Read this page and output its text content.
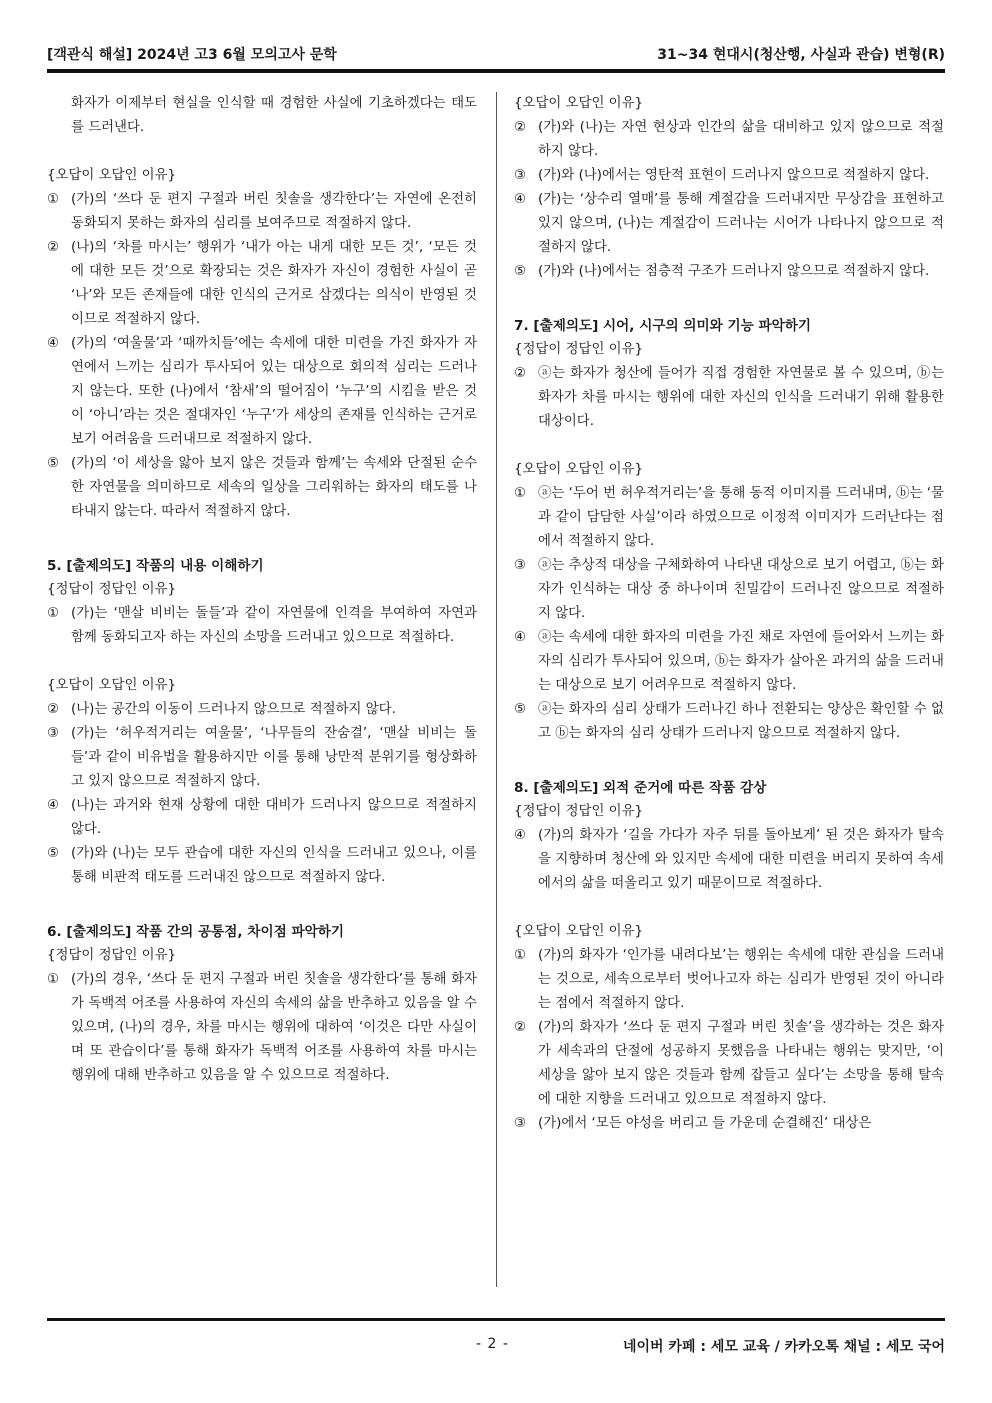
[객관식 해설] 2024년 고3 6월 모의고사 문학	31~34 현대시(청산행, 사실과 관습) 변형(R)
화자가 이제부터 현실을 인식할 때 경험한 사실에 기초하겠다는 태도를 드러낸다.
{오답이 오답인 이유}
① (가)의 ‘쓰다 둔 편지 구절과 버린 칫솔을 생각한다’는 자연에 온전히 동화되지 못하는 화자의 심리를 보여주므로 적절하지 않다.
② (나)의 ‘차를 마시는’ 행위가 ‘내가 아는 내게 대한 모든 것’, ‘모든 것에 대한 모든 것’으로 확장되는 것은 화자가 자신이 경험한 사실이 곧 ‘나’와 모든 존재들에 대한 인식의 근거로 삼겠다는 의식이 반영된 것이므로 적절하지 않다.
④ (가)의 ‘여울물’과 ‘때까치들’에는 속세에 대한 미련을 가진 화자가 자연에서 느끼는 심리가 투사되어 있는 대상으로 회의적 심리는 드러나지 않는다. 또한 (나)에서 ‘참새’의 떨어짐이 ‘누구’의 시킴을 받은 것이 ‘아니’라는 것은 절대자인 ‘누구’가 세상의 존재를 인식하는 근거로 보기 어려움을 드러내므로 적절하지 않다.
⑤ (가)의 ‘이 세상을 앓아 보지 않은 것들과 함께’는 속세와 단절된 순수한 자연물을 의미하므로 세속의 일상을 그리워하는 화자의 태도를 나타내지 않는다. 따라서 적절하지 않다.
5. [출제의도] 작품의 내용 이해하기
{정답이 정답인 이유}
① (가)는 ‘맨살 비비는 돌들’과 같이 자연물에 인격을 부여하여 자연과 함께 동화되고자 하는 자신의 소망을 드러내고 있으므로 적절하다.
{오답이 오답인 이유}
② (나)는 공간의 이동이 드러나지 않으므로 적절하지 않다.
③ (가)는 ‘허우적거리는 여울물’, ‘나무들의 잔숨결’, ‘맨살 비비는 돌들’과 같이 비유법을 활용하지만 이를 통해 낭만적 분위기를 형상화하고 있지 않으므로 적절하지 않다.
④ (나)는 과거와 현재 상황에 대한 대비가 드러나지 않으므로 적절하지 않다.
⑤ (가)와 (나)는 모두 관습에 대한 자신의 인식을 드러내고 있으나, 이를 통해 비판적 태도를 드러내진 않으므로 적절하지 않다.
6. [출제의도] 작품 간의 공통점, 차이점 파악하기
{정답이 정답인 이유}
① (가)의 경우, ‘쓰다 둔 편지 구절과 버린 칫솔을 생각한다’를 통해 화자가 독백적 어조를 사용하여 자신의 속세의 삶을 반추하고 있음을 알 수 있으며, (나)의 경우, 차를 마시는 행위에 대하여 ‘이것은 다만 사실이며 또 관습이다’를 통해 화자가 독백적 어조를 사용하여 차를 마시는 행위에 대해 반추하고 있음을 알 수 있으므로 적절하다.
{오답이 오답인 이유}
② (가)와 (나)는 자연 현상과 인간의 삶을 대비하고 있지 않으므로 적절하지 않다.
③ (가)와 (나)에서는 영탄적 표현이 드러나지 않으므로 적절하지 않다.
④ (가)는 ‘상수리 열매’를 통해 계절감을 드러내지만 무상감을 표현하고 있지 않으며, (나)는 계절감이 드러나는 시어가 나타나지 않으므로 적절하지 않다.
⑤ (가)와 (나)에서는 점층적 구조가 드러나지 않으므로 적절하지 않다.
7. [출제의도] 시어, 시구의 의미와 기능 파악하기
{정답이 정답인 이유}
② ⓐ는 화자가 청산에 들어가 직접 경험한 자연물로 볼 수 있으며, ⓑ는 화자가 차를 마시는 행위에 대한 자신의 인식을 드러내기 위해 활용한 대상이다.
{오답이 오답인 이유}
① ⓐ는 ‘두어 번 허우적거리는’을 통해 동적 이미지를 드러내며, ⓑ는 ‘물과 같이 담담한 사실’이라 하였으므로 이정적 이미지가 드러난다는 점에서 적절하지 않다.
③ ⓐ는 추상적 대상을 구체화하여 나타낸 대상으로 보기 어렵고, ⓑ는 화자가 인식하는 대상 중 하나이며 친밀감이 드러나진 않으므로 적절하지 않다.
④ ⓐ는 속세에 대한 화자의 미련을 가진 채로 자연에 들어와서 느끼는 화자의 심리가 투사되어 있으며, ⓑ는 화자가 살아온 과거의 삶을 드러내는 대상으로 보기 어려우므로 적절하지 않다.
⑤ ⓐ는 화자의 심리 상태가 드러나긴 하나 전환되는 양상은 확인할 수 없고 ⓑ는 화자의 심리 상태가 드러나지 않으므로 적절하지 않다.
8. [출제의도] 외적 준거에 따른 작품 감상
{정답이 정답인 이유}
④ (가)의 화자가 ‘길을 가다가 자주 뒤를 돌아보게’ 된 것은 화자가 탈속을 지향하며 청산에 와 있지만 속세에 대한 미련을 버리지 못하여 속세에서의 삶을 떠올리고 있기 때문이므로 적절하다.
{오답이 오답인 이유}
① (가)의 화자가 ‘인가를 내려다보’는 행위는 속세에 대한 관심을 드러내는 것으로, 세속으로부터 벗어나고자 하는 심리가 반영된 것이 아니라는 점에서 적절하지 않다.
② (가)의 화자가 ‘쓰다 둔 편지 구절과 버린 칫솔’을 생각하는 것은 화자가 세속과의 단절에 성공하지 못했음을 나타내는 행위는 맞지만, ‘이 세상을 앓아 보지 않은 것들과 함께 잡들고 싶다’는 소망을 통해 탈속에 대한 지향을 드러내고 있으므로 적절하지 않다.
③ (가)에서 ‘모든 야성을 버리고 들 가운데 순결해진’ 대상은
- 2 -	네이버 카페 : 세모 교육 / 카카오톡 채널 : 세모 국어
